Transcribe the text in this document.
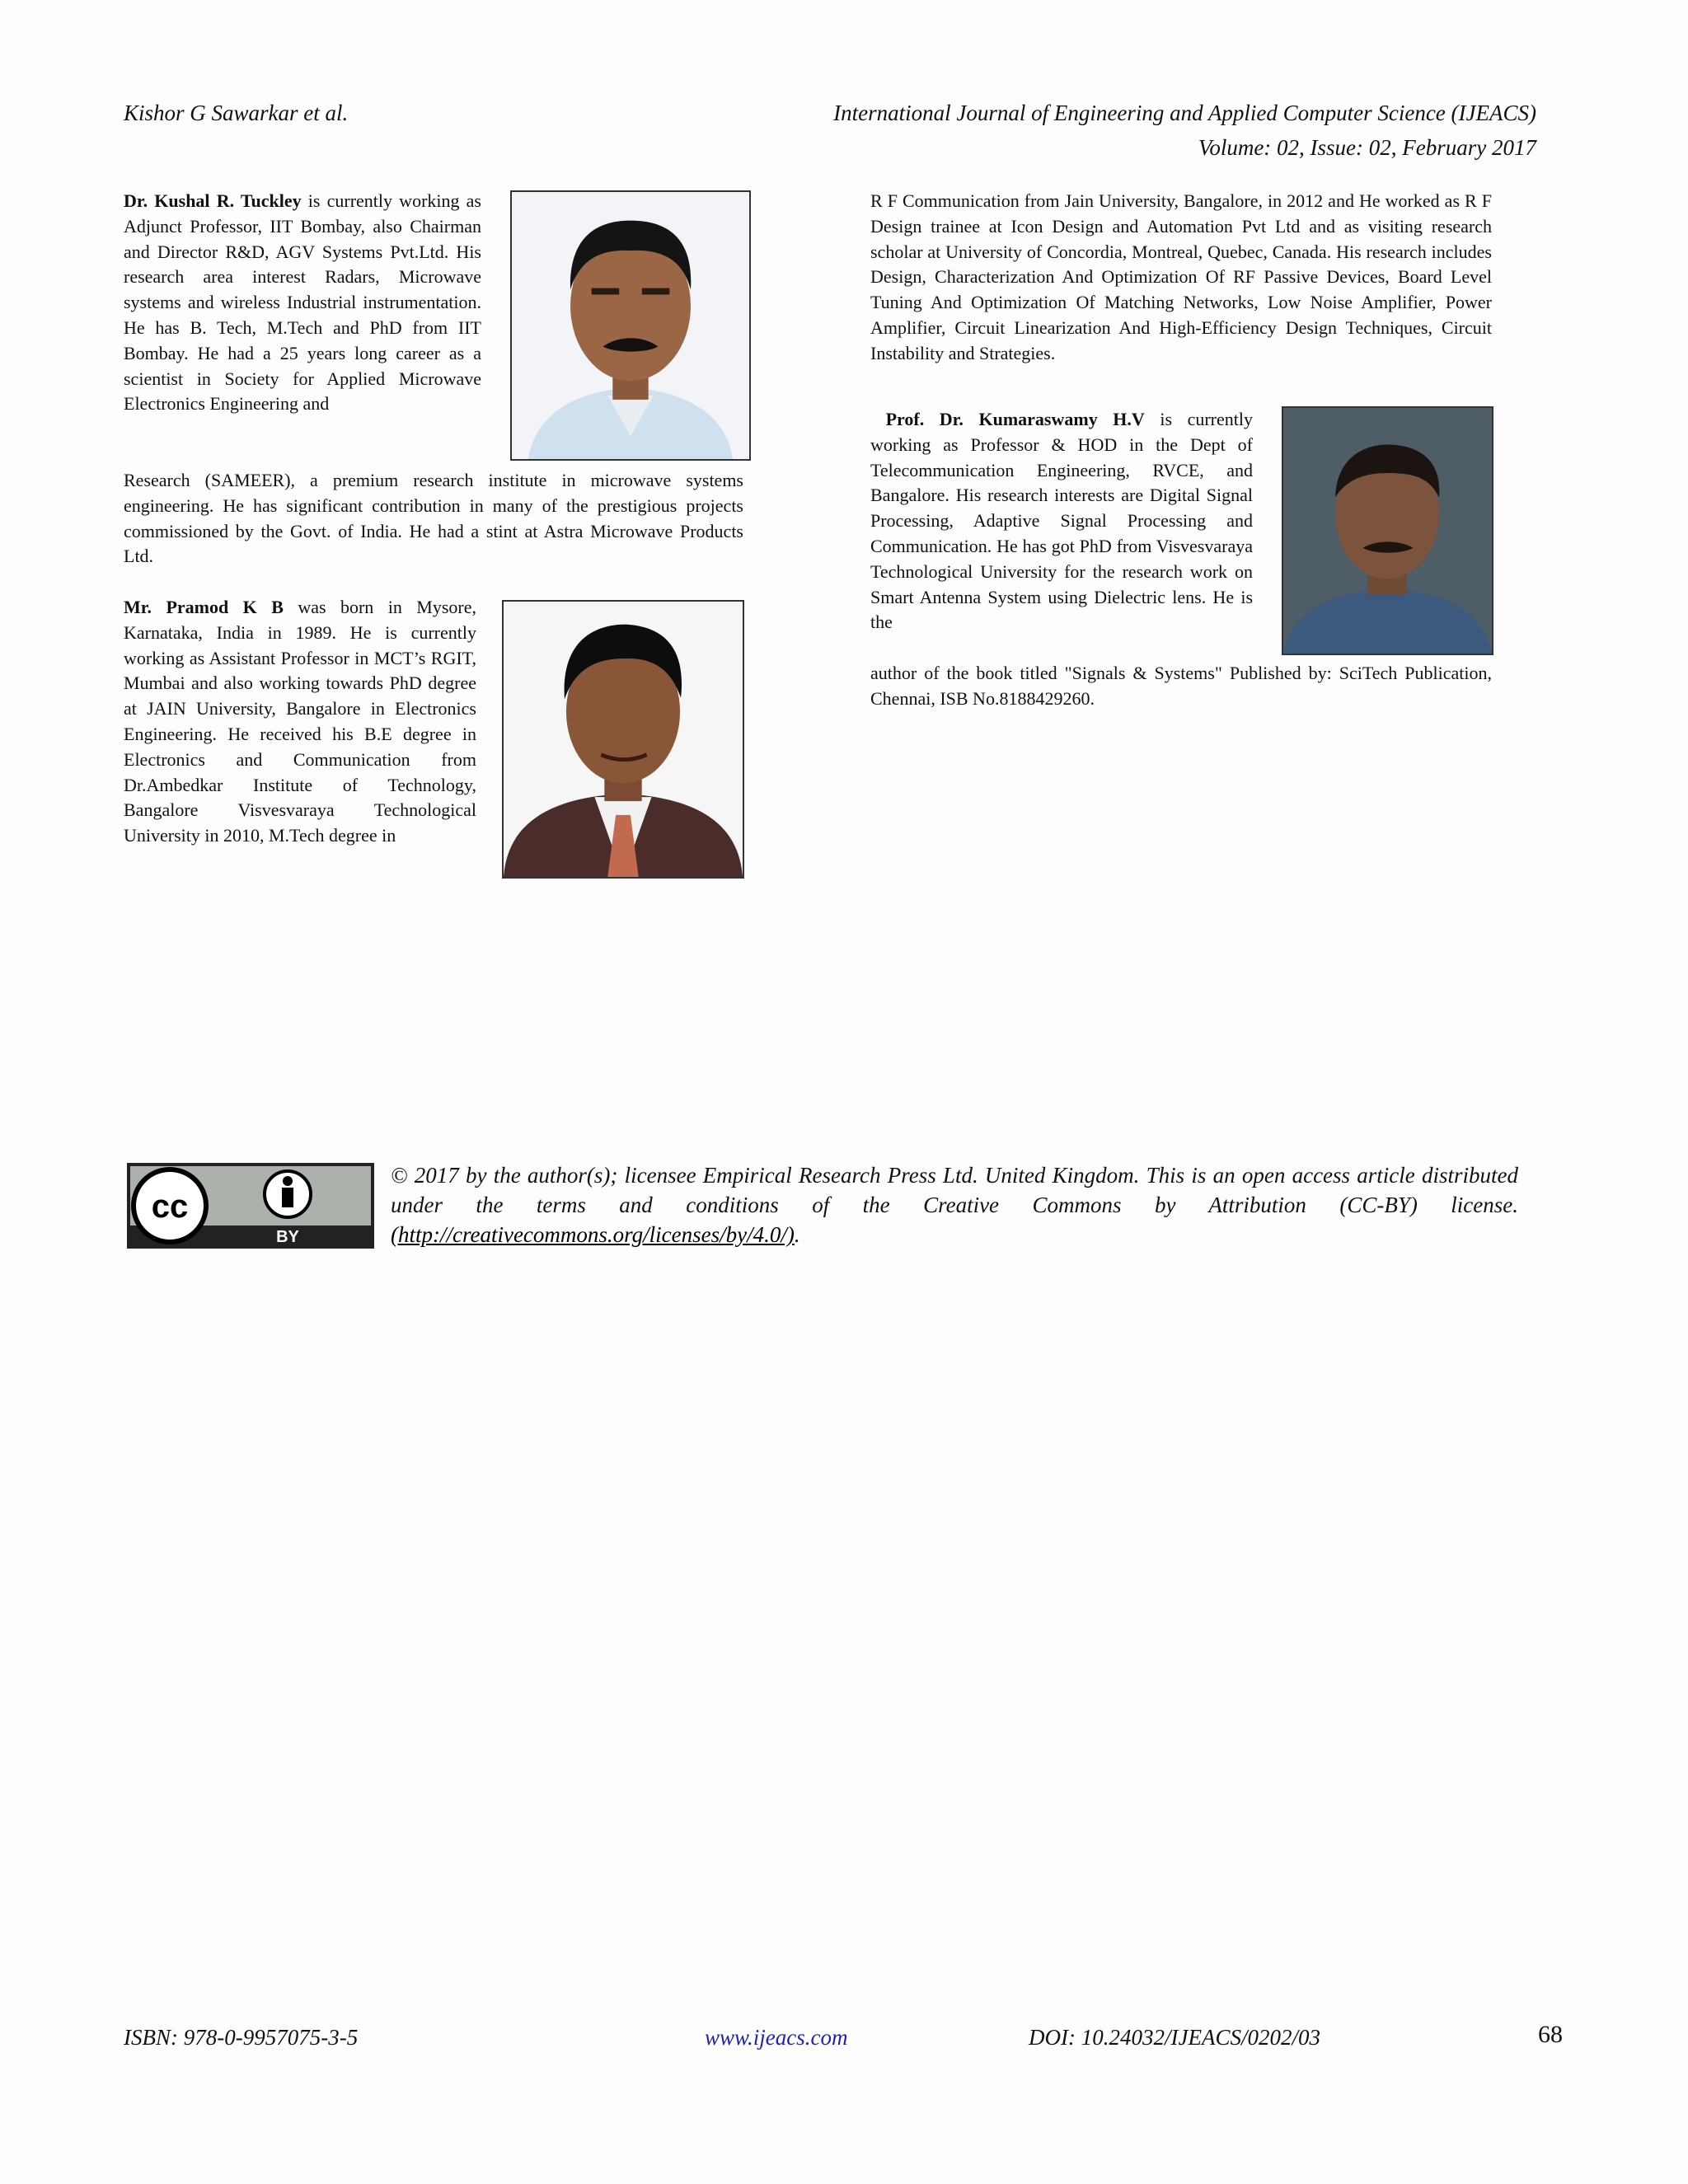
Kishor G Sawarkar et al.	International Journal of Engineering and Applied Computer Science (IJEACS)
Volume: 02, Issue: 02, February 2017

Dr. Kushal R. Tuckley is currently working as Adjunct Professor, IIT Bombay, also Chairman and Director R&D, AGV Systems Pvt.Ltd. His research area interest Radars, Microwave systems and wireless Industrial instrumentation. He has B. Tech, M.Tech and PhD from IIT Bombay. He had a 25 years long career as a scientist in Society for Applied Microwave Electronics Engineering and

Research (SAMEER), a premium research institute in microwave systems engineering. He has significant contribution in many of the prestigious projects commissioned by the Govt. of India. He had a stint at Astra Microwave Products Ltd.

Mr. Pramod K B was born in Mysore, Karnataka, India in 1989. He is currently working as Assistant Professor in MCT’s RGIT, Mumbai and also working towards PhD degree at JAIN University, Bangalore in Electronics Engineering. He received his B.E degree in Electronics and Communication from Dr.Ambedkar Institute of Technology, Bangalore Visvesvaraya Technological University in 2010, M.Tech degree in

R F Communication from Jain University, Bangalore, in 2012 and He worked as R F Design trainee at Icon Design and Automation Pvt Ltd and as visiting research scholar at University of Concordia, Montreal, Quebec, Canada. His research includes Design, Characterization And Optimization Of RF Passive Devices, Board Level Tuning And Optimization Of Matching Networks, Low Noise Amplifier, Power Amplifier, Circuit Linearization And High-Efficiency Design Techniques, Circuit Instability and Strategies.

Prof. Dr. Kumaraswamy H.V is currently working as Professor & HOD in the Dept of Telecommunication Engineering, RVCE, and Bangalore. His research interests are Digital Signal Processing, Adaptive Signal Processing and Communication. He has got PhD from Visvesvaraya Technological University for the research work on Smart Antenna System using Dielectric lens. He is the

author of the book titled "Signals & Systems" Published by: SciTech Publication, Chennai, ISB No.8188429260.

cc
BY
© 2017 by the author(s); licensee Empirical Research Press Ltd. United Kingdom. This is an open access article distributed under the terms and conditions of the Creative Commons by Attribution (CC-BY) license. (http://creativecommons.org/licenses/by/4.0/).
ISBN: 978-0-9957075-3-5	www.ijeacs.com	DOI: 10.24032/IJEACS/0202/03	68
